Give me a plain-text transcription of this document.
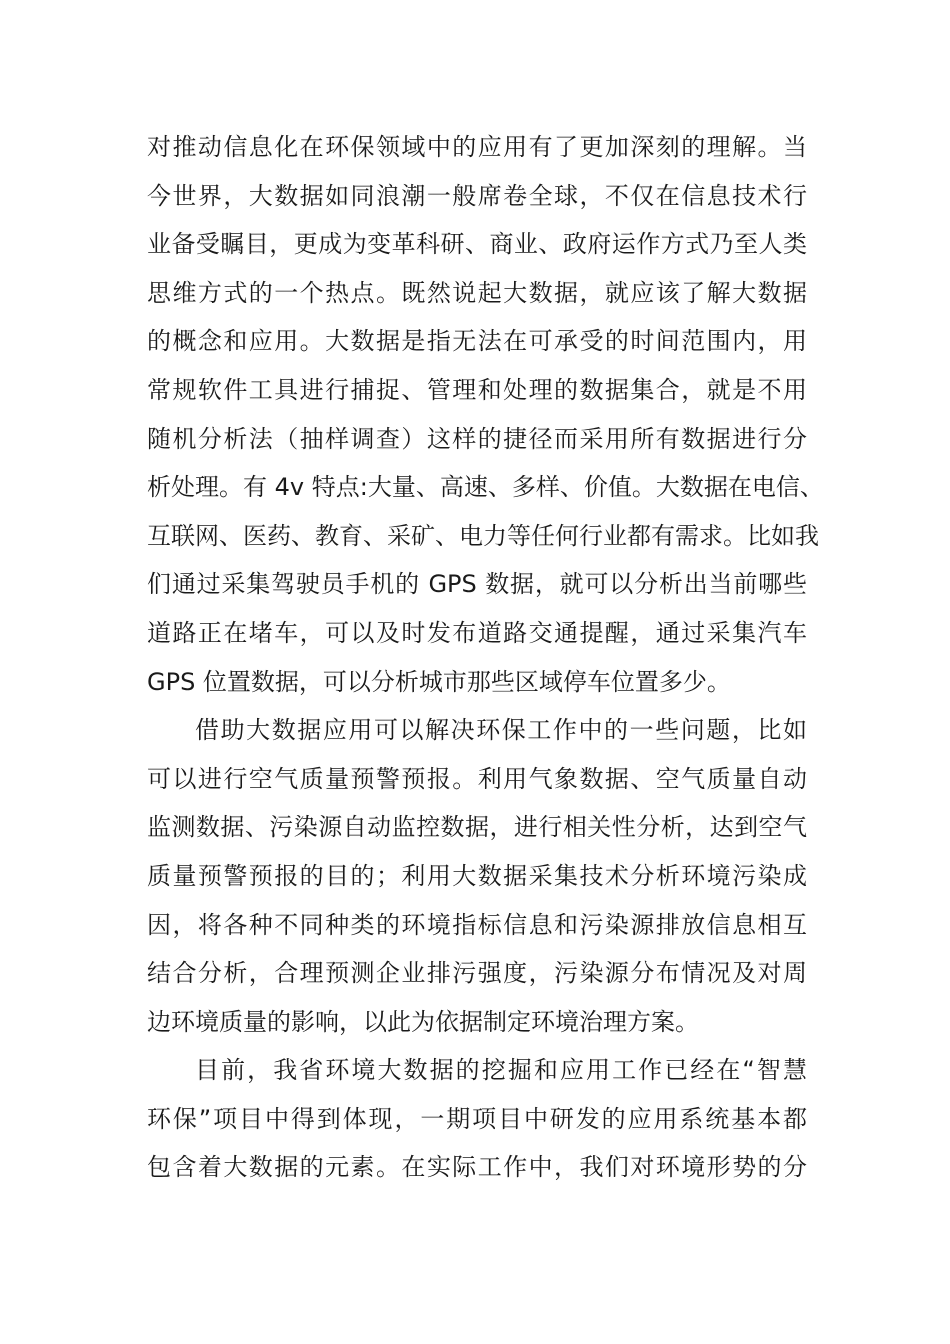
对推动信息化在环保领域中的应用有了更加深刻的理解。当
今世界，大数据如同浪潮一般席卷全球，不仅在信息技术行
业备受瞩目，更成为变革科研、商业、政府运作方式乃至人类
思维方式的一个热点。既然说起大数据，就应该了解大数据
的概念和应用。大数据是指无法在可承受的时间范围内，用
常规软件工具进行捕捉、管理和处理的数据集合，就是不用
随机分析法（抽样调查）这样的捷径而采用所有数据进行分
析处理。有 4v 特点:大量、高速、多样、价值。大数据在电信、
互联网、医药、教育、采矿、电力等任何行业都有需求。比如我
们通过采集驾驶员手机的 GPS 数据，就可以分析出当前哪些
道路正在堵车，可以及时发布道路交通提醒，通过采集汽车
GPS 位置数据，可以分析城市那些区域停车位置多少。
借助大数据应用可以解决环保工作中的一些问题，比如
可以进行空气质量预警预报。利用气象数据、空气质量自动
监测数据、污染源自动监控数据，进行相关性分析，达到空气
质量预警预报的目的；利用大数据采集技术分析环境污染成
因，将各种不同种类的环境指标信息和污染源排放信息相互
结合分析，合理预测企业排污强度，污染源分布情况及对周
边环境质量的影响，以此为依据制定环境治理方案。
目前，我省环境大数据的挖掘和应用工作已经在“智慧
环保”项目中得到体现，一期项目中研发的应用系统基本都
包含着大数据的元素。在实际工作中，我们对环境形势的分
